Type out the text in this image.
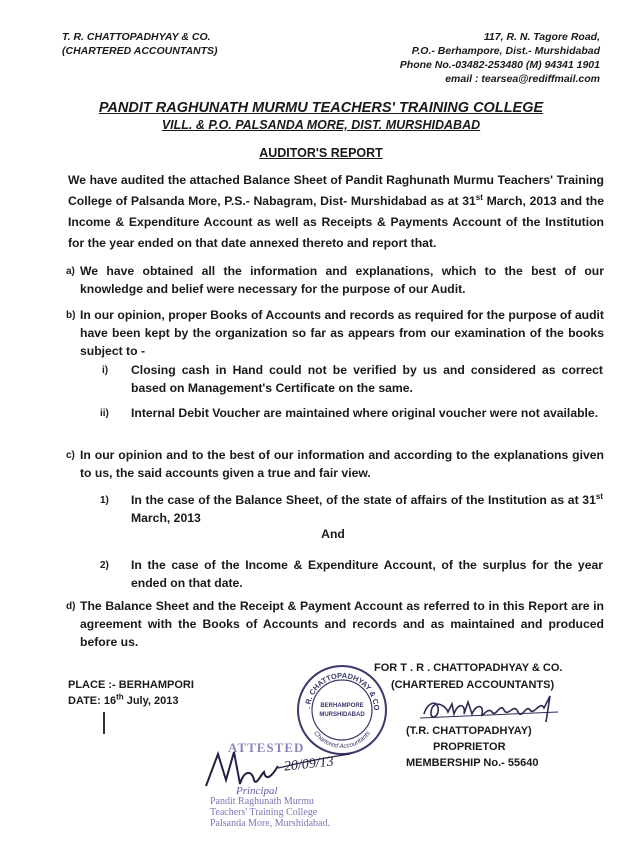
T. R. CHATTOPADHYAY & CO.
(CHARTERED ACCOUNTANTS)
117, R. N. Tagore Road,
P.O.- Berhampore, Dist.- Murshidabad
Phone No.-03482-253480 (M) 94341 1901
email : tearsea@rediffmail.com
PANDIT RAGHUNATH MURMU TEACHERS' TRAINING COLLEGE
VILL. & P.O. PALSANDA MORE, DIST. MURSHIDABAD
AUDITOR'S REPORT
We have audited the attached Balance Sheet of Pandit Raghunath Murmu Teachers' Training College of Palsanda More, P.S.- Nabagram, Dist- Murshidabad as at 31st March, 2013 and the Income & Expenditure Account as well as Receipts & Payments Account of the Institution for the year ended on that date annexed thereto and report that.
a) We have obtained all the information and explanations, which to the best of our knowledge and belief were necessary for the purpose of our Audit.
b) In our opinion, proper Books of Accounts and records as required for the purpose of audit have been kept by the organization so far as appears from our examination of the books subject to -
i) Closing cash in Hand could not be verified by us and considered as correct based on Management's Certificate on the same.
ii) Internal Debit Voucher are maintained where original voucher were not available.
c) In our opinion and to the best of our information and according to the explanations given to us, the said accounts given a true and fair view.
1) In the case of the Balance Sheet, of the state of affairs of the Institution as at 31st March, 2013
And
2) In the case of the Income & Expenditure Account, of the surplus for the year ended on that date.
d) The Balance Sheet and the Receipt & Payment Account as referred to in this Report are in agreement with the Books of Accounts and records and as maintained and produced before us.
PLACE :- BERHAMPORI
DATE: 16th July, 2013
FOR T . R . CHATTOPADHYAY & CO.
(CHARTERED ACCOUNTANTS)
(T.R. CHATTOPADHYAY)
PROPRIETOR
MEMBERSHIP No.- 55640
. R. CHATTOPADHYAY & CO
BERHAMPORE
MURSHIDABAD
Chartered Accountants
ATTESTED
20/09/13
Principal
Pandit Raghunath Murmu
Teachers' Training College
Palsanda More, Murshidabad.
